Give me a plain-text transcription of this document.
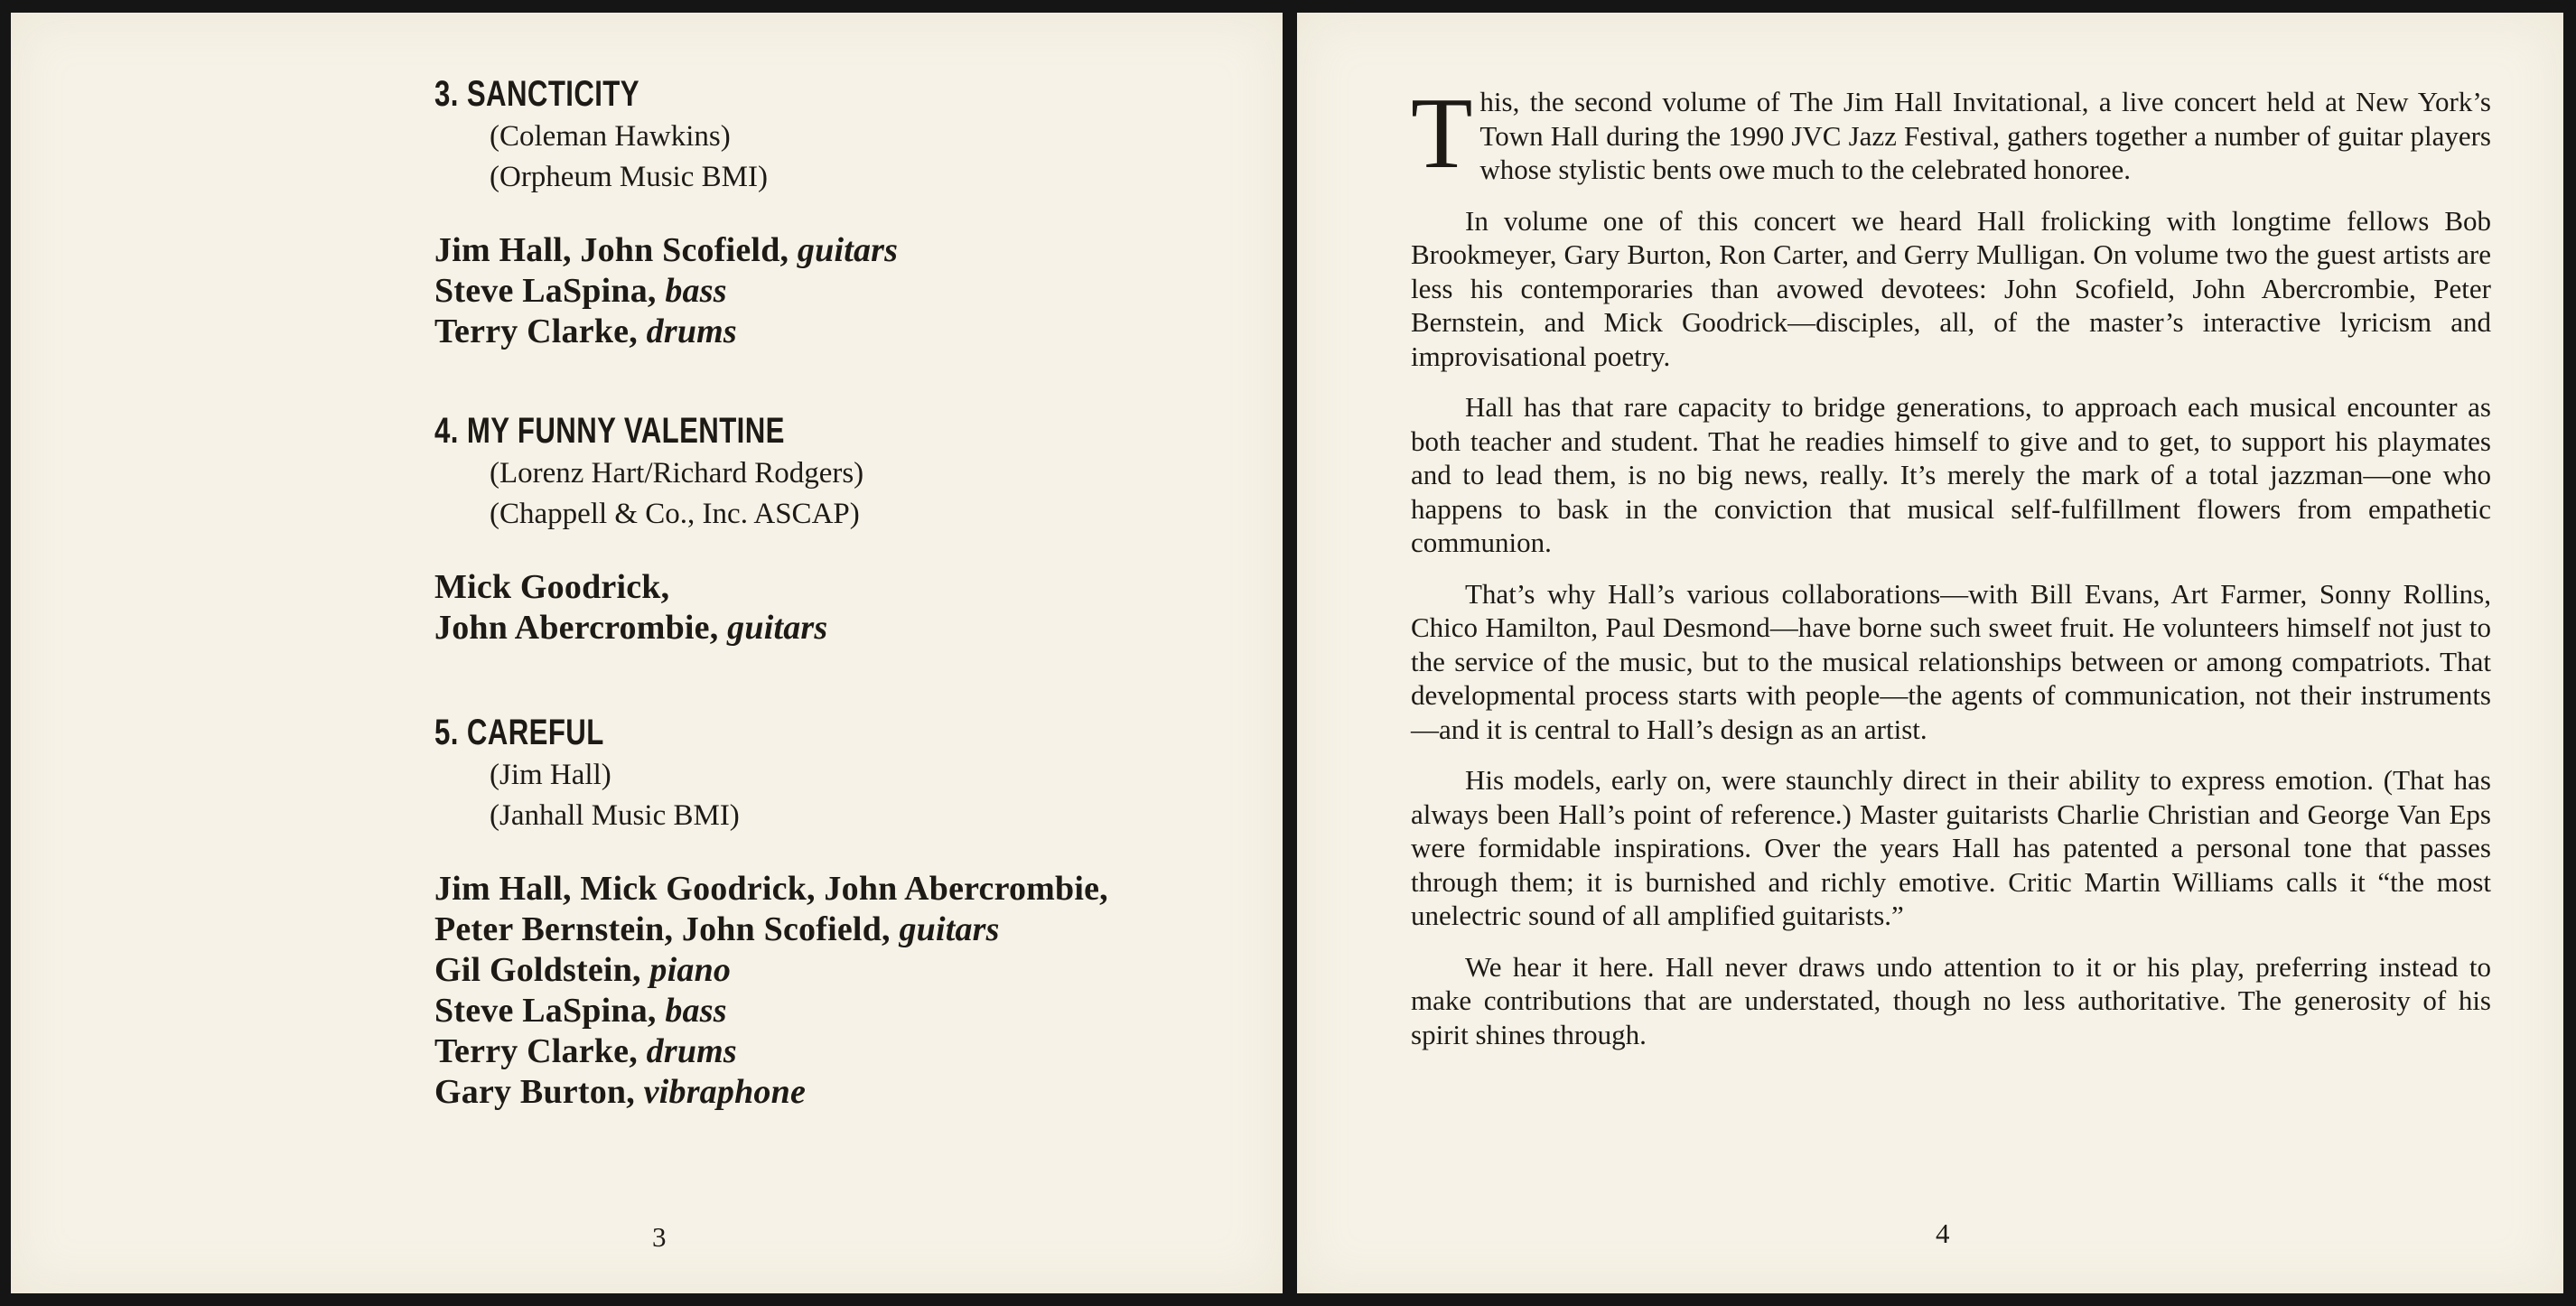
3. SANCTICITY
(Coleman Hawkins)
(Orpheum Music BMI)
Jim Hall, John Scofield, guitars
Steve LaSpina, bass
Terry Clarke, drums
4. MY FUNNY VALENTINE
(Lorenz Hart/Richard Rodgers)
(Chappell & Co., Inc. ASCAP)
Mick Goodrick,
John Abercrombie, guitars
5. CAREFUL
(Jim Hall)
(Janhall Music BMI)
Jim Hall, Mick Goodrick, John Abercrombie,
Peter Bernstein, John Scofield, guitars
Gil Goldstein, piano
Steve LaSpina, bass
Terry Clarke, drums
Gary Burton, vibraphone
3

This, the second volume of The Jim Hall Invitational, a live concert held at New York’s Town Hall during the 1990 JVC Jazz Festival, gathers together a number of guitar players whose stylistic bents owe much to the celebrated honoree.

In volume one of this concert we heard Hall frolicking with longtime fellows Bob Brookmeyer, Gary Burton, Ron Carter, and Gerry Mulligan. On volume two the guest artists are less his contemporaries than avowed devotees: John Scofield, John Abercrombie, Peter Bernstein, and Mick Goodrick—disciples, all, of the master’s interactive lyricism and improvisational poetry.

Hall has that rare capacity to bridge generations, to approach each musical encounter as both teacher and student. That he readies himself to give and to get, to support his playmates and to lead them, is no big news, really. It’s merely the mark of a total jazzman—one who happens to bask in the conviction that musical self-fulfillment flowers from empathetic communion.

That’s why Hall’s various collaborations—with Bill Evans, Art Farmer, Sonny Rollins, Chico Hamilton, Paul Desmond—have borne such sweet fruit. He volunteers himself not just to the service of the music, but to the musical relationships between or among compatriots. That developmental process starts with people—the agents of communication, not their instruments—and it is central to Hall’s design as an artist.

His models, early on, were staunchly direct in their ability to express emotion. (That has always been Hall’s point of reference.) Master guitarists Charlie Christian and George Van Eps were formidable inspirations. Over the years Hall has patented a personal tone that passes through them; it is burnished and richly emotive. Critic Martin Williams calls it “the most unelectric sound of all amplified guitarists.”

We hear it here. Hall never draws undo attention to it or his play, preferring instead to make contributions that are understated, though no less authoritative. The generosity of his spirit shines through.

4
